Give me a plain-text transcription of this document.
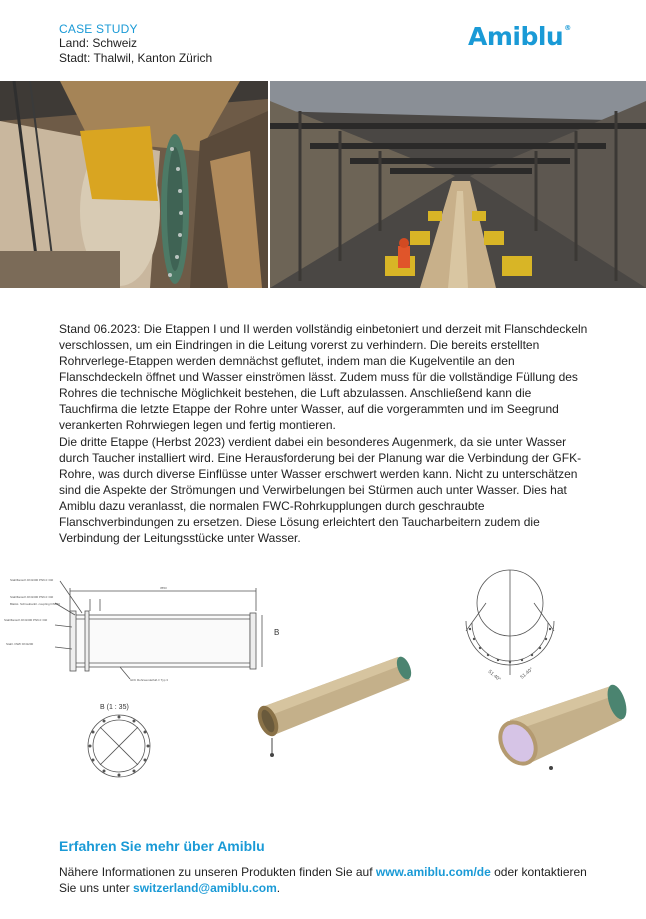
CASE STUDY
Land: Schweiz
Stadt: Thalwil, Kanton Zürich
Amiblu®
Stand 06.2023: Die Etappen I und II werden vollständig einbetoniert und derzeit mit Flanschdeckeln verschlossen, um ein Eindringen in die Leitung vorerst zu verhindern. Die bereits erstellten Rohrverlege-Etappen werden demnächst geflutet, indem man die Kugelventile an den Flanschdeckeln öffnet und Wasser einströmen lässt. Zudem muss für die vollständige Füllung des Rohres die technische Möglichkeit bestehen, die Luft abzulassen. Anschließend kann die Tauchfirma die letzte Etappe der Rohre unter Wasser, auf die vorgerammten und im Seegrund verankerten Rohrwiegen legen und fertig montieren.
Die dritte Etappe (Herbst 2023) verdient dabei ein besonderes Augenmerk, da sie unter Wasser durch Taucher installiert wird. Eine Herausforderung bei der Planung war die Verbindung der GFK-Rohre, was durch diverse Einflüsse unter Wasser erschwert werden kann. Nicht zu unterschätzen sind die Aspekte der Strömungen und Verwirbelungen bei Stürmen auch unter Wasser. Dies hat Amiblu dazu veranlasst, die normalen FWC-Rohrkupplungen durch geschraubte Flanschverbindungen zu ersetzen. Diese Lösung erleichtert den Taucharbeitern zudem die Verbindung der Leitungsstücke unter Wasser.
Stahlflansch DN1300 PN6.0 ±40
Stahlflansch DN1300 PN6.0 ±40
Blattst. Schraubanbl. coupling DN870
Stahlflansch DN1300 PN6.0 ±40
Stahl. DWF DN1200
GFK Rohrwendelfuß ± Typ 3
3553
B
B (1 : 35)
51.40°	51.40°
Erfahren Sie mehr über Amiblu
Nähere Informationen zu unseren Produkten finden Sie auf www.amiblu.com/de oder kontaktieren Sie uns unter switzerland@amiblu.com.
